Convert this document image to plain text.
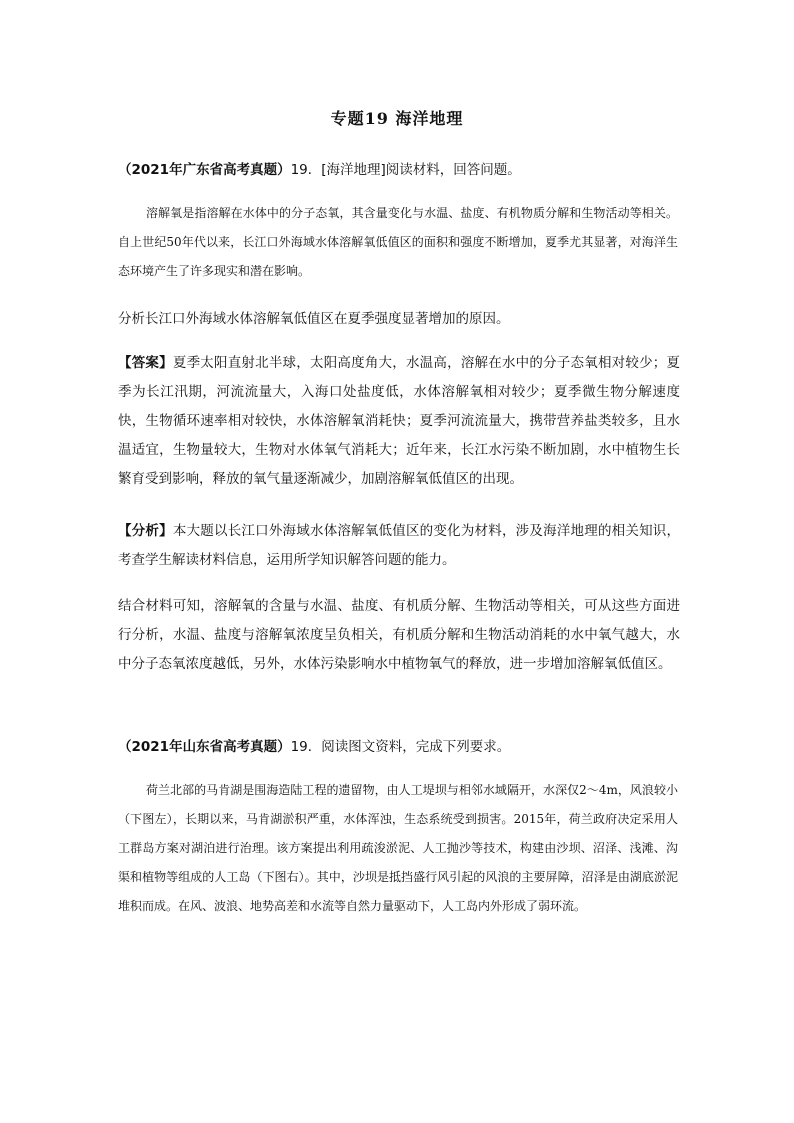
专题19 海洋地理
（2021年广东省高考真题）19．[海洋地理]阅读材料，回答问题。
溶解氧是指溶解在水体中的分子态氧，其含量变化与水温、盐度、有机物质分解和生物活动等相关。自上世纪50年代以来，长江口外海域水体溶解氧低值区的面积和强度不断增加，夏季尤其显著，对海洋生态环境产生了许多现实和潜在影响。
分析长江口外海域水体溶解氧低值区在夏季强度显著增加的原因。
【答案】夏季太阳直射北半球，太阳高度角大，水温高，溶解在水中的分子态氧相对较少；夏季为长江汛期，河流流量大，入海口处盐度低，水体溶解氧相对较少；夏季微生物分解速度快，生物循环速率相对较快，水体溶解氧消耗快；夏季河流流量大，携带营养盐类较多，且水温适宜，生物量较大，生物对水体氧气消耗大；近年来，长江水污染不断加剧，水中植物生长繁育受到影响，释放的氧气量逐渐减少，加剧溶解氧低值区的出现。
【分析】本大题以长江口外海域水体溶解氧低值区的变化为材料，涉及海洋地理的相关知识，考查学生解读材料信息，运用所学知识解答问题的能力。
结合材料可知，溶解氧的含量与水温、盐度、有机质分解、生物活动等相关，可从这些方面进行分析，水温、盐度与溶解氧浓度呈负相关，有机质分解和生物活动消耗的水中氧气越大，水中分子态氧浓度越低，另外，水体污染影响水中植物氧气的释放，进一步增加溶解氧低值区。
（2021年山东省高考真题）19．阅读图文资料，完成下列要求。
荷兰北部的马肯湖是围海造陆工程的遗留物，由人工堤坝与相邻水域隔开，水深仅2～4m，风浪较小（下图左），长期以来，马肯湖淤积严重，水体浑浊，生态系统受到损害。2015年，荷兰政府决定采用人工群岛方案对湖泊进行治理。该方案提出利用疏浚淤泥、人工抛沙等技术，构建由沙坝、沼泽、浅滩、沟渠和植物等组成的人工岛（下图右）。其中，沙坝是抵挡盛行风引起的风浪的主要屏障，沼泽是由湖底淤泥堆积而成。在风、波浪、地势高差和水流等自然力量驱动下，人工岛内外形成了弱环流。
